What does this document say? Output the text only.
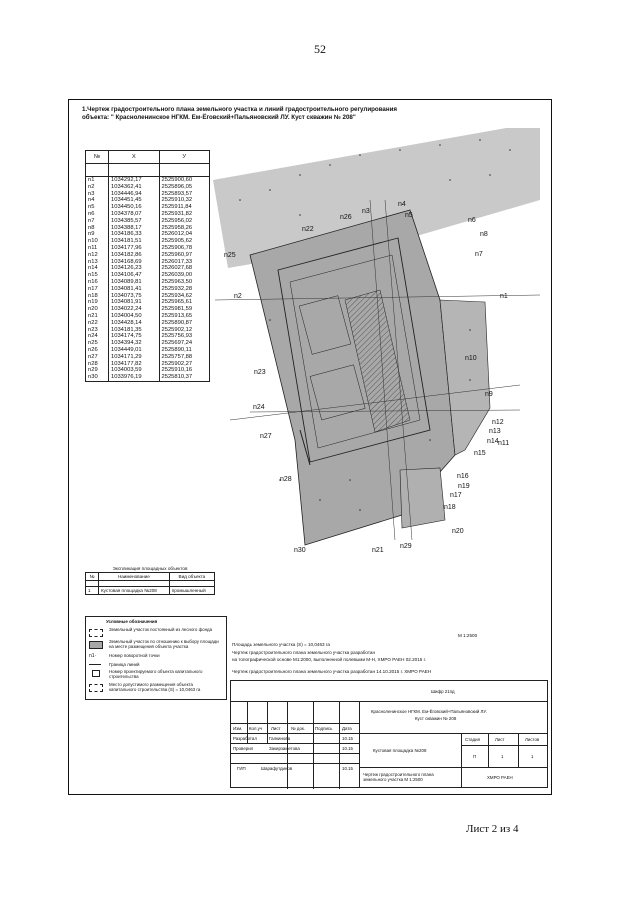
52
1.Чертеж градостроительного плана земельного участка и линий градостроительного регулирования
объекта: " Красноленинское НГКМ. Ем-Ёговский+Пальяновский ЛУ. Куст скважин № 208"
n1
n2
n3
n4
n5
n6
n7
n8
n9
n10
n11
n12
n13
n14
n15
n16
n17
n18
n19
n20
n21
n22
n23
n24
n25
n26
n27
n28
n29
n30
№	X	У

n1	1034292,17	2525900,60
n2	1034362,41	2525896,05
n3	1034446,94	2525893,57
n4	1034451,45	2525910,32
n5	1034450,16	2525911,84
n6	1034378,07	2525931,82
n7	1034385,57	2525956,02
n8	1034388,17	2525958,26
n9	1034186,33	2526012,04
n10	1034181,51	2525905,62
n11	1034177,96	2525906,78
n12	1034182,86	2525960,97
n13	1034168,69	2526017,33
n14	1034126,23	2526027,68
n15	1034106,47	2526039,00
n16	1034089,81	2525963,50
n17	1034081,41	2525932,28
n18	1034073,75	2525934,62
n19	1034081,91	2525965,61
n20	1034022,24	2525981,59
n21	1034004,50	2525913,65
n22	1034428,14	2525890,87
n23	1034181,35	2525902,12
n24	1034174,75	2525756,93
n25	1034394,32	2525697,24
n26	1034449,01	2525890,11
n27	1034171,29	2525757,88
n28	1034177,82	2525902,27
n29	1034003,59	2525910,16
n30	1033976,19	2525810,37
Экспликация площадных объектов
№	Наименование	Вид объекта

1	Кустовая площадка №208	промышленный
Условные обозначения
Земельный участок постоянный из лесного фонда
Земельный участок по отношению к выбору площади на месте размещения объекта участка
n1·	Номер поворотной точки
Граница линий
Номер проектируемого объекта капитального строительства
Место допустимого размещения объекта капитального строительства (S) = 10,0463 га
М 1:2500
Площадь земельного участка (S) = 10,0463 га
Чертеж градостроительного плана земельного участка разработан
на топографической основе М1:2000, выполненной полевыми М-Н, ХМРО РАЕН 02.2015 г.
Чертеж градостроительного плана земельного участка разработан 14.10.2015 г. ХМРО РАЕН
Шифр 21пд
Красноленинское НГКМ. Ем-Ёговский+Пальяновский ЛУ.
Куст скважин № 208
Изм. Кол.уч Лист № док. Подпись Дата
Разработал	Галкинова	10.15
Проверил	Закирзаметова	10.15
ГИП	Шарафутдинов	10.15
Кустовая площадка №208
Стадия	Лист	Листов
П	1	1
Чертеж градостроительного плана земельного участка М 1:2500	ХМРО РАЕН
Лист 2 из 4
